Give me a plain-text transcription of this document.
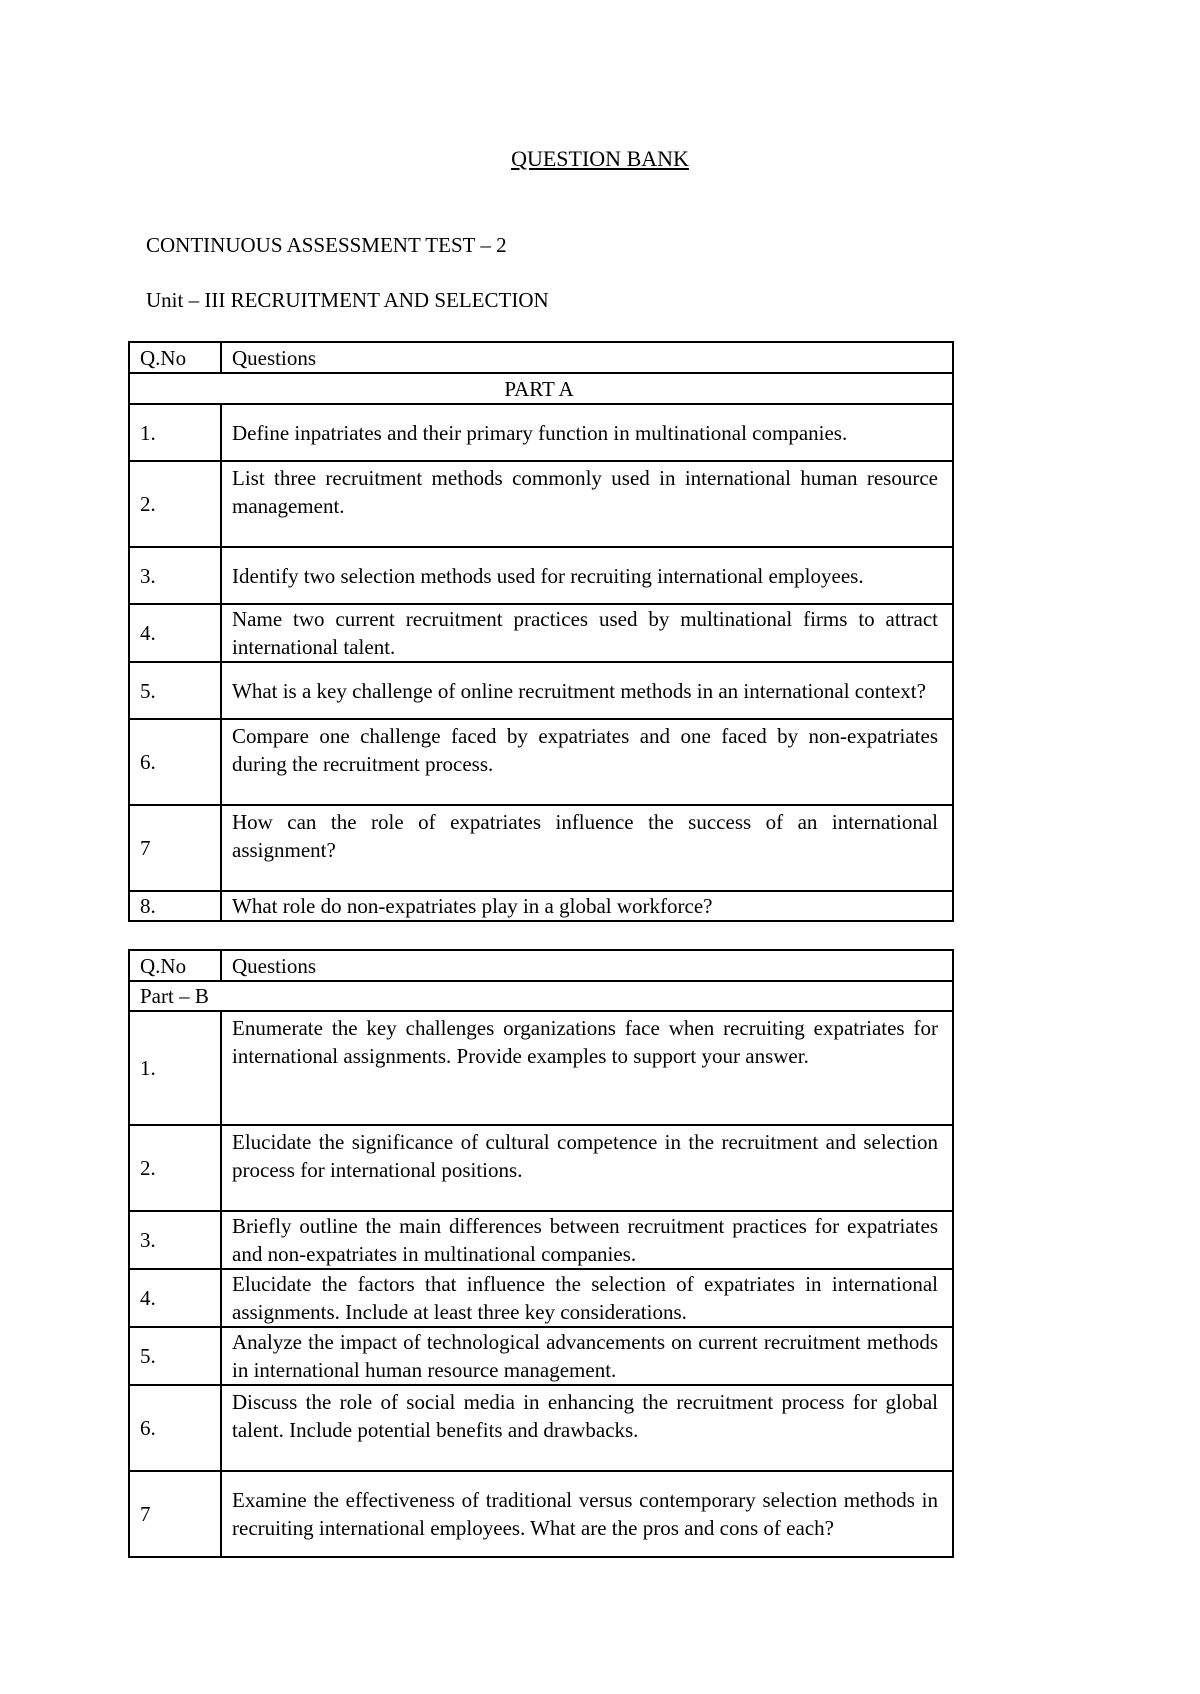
QUESTION BANK
CONTINUOUS ASSESSMENT TEST – 2
Unit – III RECRUITMENT AND SELECTION
Q.No	Questions
PART A	
1.	Define inpatriates and their primary function in multinational companies.
2.	List three recruitment methods commonly used in international human resource management.
3.	Identify two selection methods used for recruiting international employees.
4.	Name two current recruitment practices used by multinational firms to attract international talent.
5.	What is a key challenge of online recruitment methods in an international context?
6.	Compare one challenge faced by expatriates and one faced by non-expatriates during the recruitment process.
7	How can the role of expatriates influence the success of an international assignment?
8.	What role do non-expatriates play in a global workforce?
Q.No	Questions
Part – B	
1.	Enumerate the key challenges organizations face when recruiting expatriates for international assignments. Provide examples to support your answer.
2.	Elucidate the significance of cultural competence in the recruitment and selection process for international positions.
3.	Briefly outline the main differences between recruitment practices for expatriates and non-expatriates in multinational companies.
4.	Elucidate the factors that influence the selection of expatriates in international assignments. Include at least three key considerations.
5.	Analyze the impact of technological advancements on current recruitment methods in international human resource management.
6.	Discuss the role of social media in enhancing the recruitment process for global talent. Include potential benefits and drawbacks.
7	Examine the effectiveness of traditional versus contemporary selection methods in recruiting international employees. What are the pros and cons of each?
